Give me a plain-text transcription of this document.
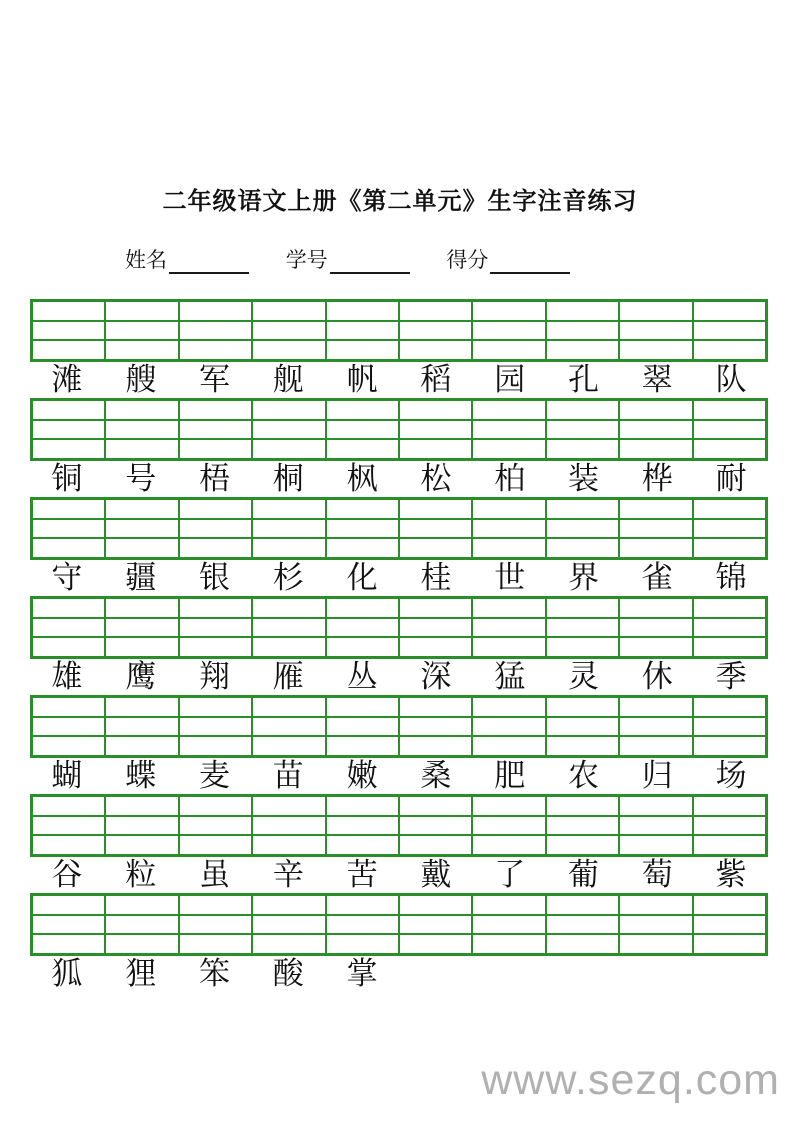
二年级语文上册《第二单元》生字注音练习
姓名	学号	得分
滩	艘	军	舰	帆	稻	园	孔	翠	队
铜	号	梧	桐	枫	松	柏	装	桦	耐
守	疆	银	杉	化	桂	世	界	雀	锦
雄	鹰	翔	雁	丛	深	猛	灵	休	季
蝴	蝶	麦	苗	嫩	桑	肥	农	归	场
谷	粒	虽	辛	苦	戴	了	葡	萄	紫
狐	狸	笨	酸	掌
www.sezq.com
